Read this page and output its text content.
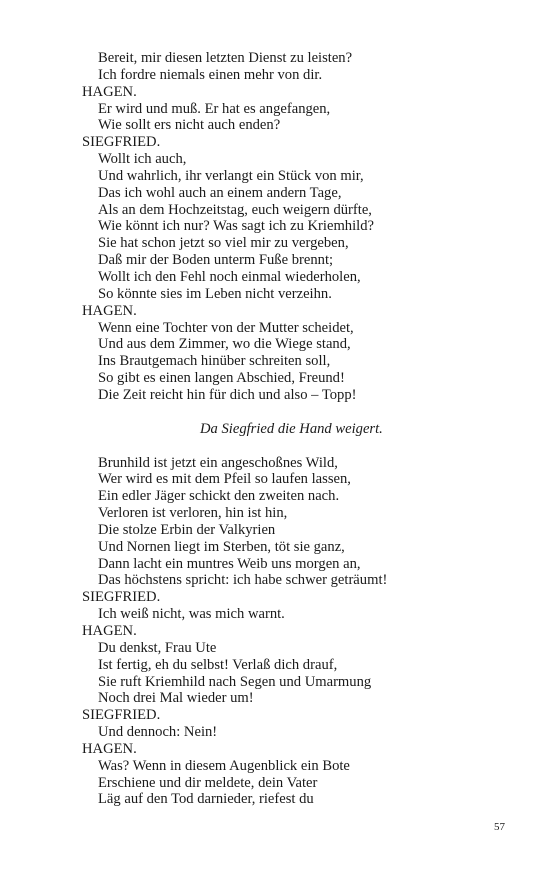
Bereit, mir diesen letzten Dienst zu leisten?
Ich fordre niemals einen mehr von dir.
HAGEN.
Er wird und muß. Er hat es angefangen,
Wie sollt ers nicht auch enden?
SIEGFRIED.
Wollt ich auch,
Und wahrlich, ihr verlangt ein Stück von mir,
Das ich wohl auch an einem andern Tage,
Als an dem Hochzeitstag, euch weigern dürfte,
Wie könnt ich nur? Was sagt ich zu Kriemhild?
Sie hat schon jetzt so viel mir zu vergeben,
Daß mir der Boden unterm Fuße brennt;
Wollt ich den Fehl noch einmal wiederholen,
So könnte sies im Leben nicht verzeihn.
HAGEN.
Wenn eine Tochter von der Mutter scheidet,
Und aus dem Zimmer, wo die Wiege stand,
Ins Brautgemach hinüber schreiten soll,
So gibt es einen langen Abschied, Freund!
Die Zeit reicht hin für dich und also – Topp!
Da Siegfried die Hand weigert.
Brunhild ist jetzt ein angeschoßnes Wild,
Wer wird es mit dem Pfeil so laufen lassen,
Ein edler Jäger schickt den zweiten nach.
Verloren ist verloren, hin ist hin,
Die stolze Erbin der Valkyrien
Und Nornen liegt im Sterben, töt sie ganz,
Dann lacht ein muntres Weib uns morgen an,
Das höchstens spricht: ich habe schwer geträumt!
SIEGFRIED.
Ich weiß nicht, was mich warnt.
HAGEN.
Du denkst, Frau Ute
Ist fertig, eh du selbst! Verlaß dich drauf,
Sie ruft Kriemhild nach Segen und Umarmung
Noch drei Mal wieder um!
SIEGFRIED.
Und dennoch: Nein!
HAGEN.
Was? Wenn in diesem Augenblick ein Bote
Erschiene und dir meldete, dein Vater
Läg auf den Tod darnieder, riefest du
57
